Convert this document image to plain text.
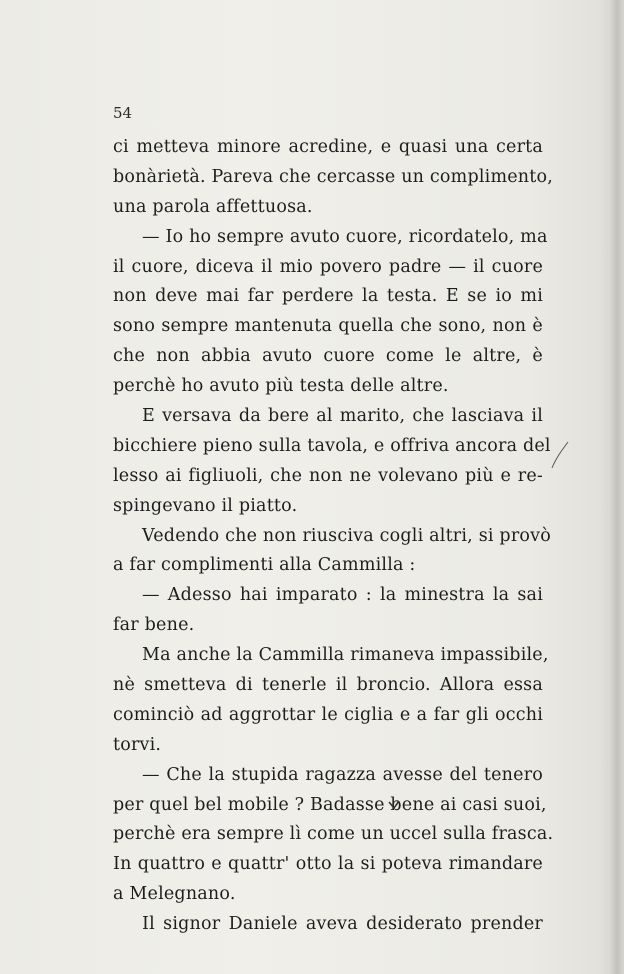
54
ci metteva minore acredine, e quasi una certa
bonàrietà. Pareva che cercasse un complimento,
una parola affettuosa.
— Io ho sempre avuto cuore, ricordatelo, ma
il cuore, diceva il mio povero padre — il cuore
non deve mai far perdere la testa. E se io mi
sono sempre mantenuta quella che sono, non è
che non abbia avuto cuore come le altre, è
perchè ho avuto più testa delle altre.
E versava da bere al marito, che lasciava il
bicchiere pieno sulla tavola, e offriva ancora del
lesso ai figliuoli, che non ne volevano più e re-
spingevano il piatto.
Vedendo che non riusciva cogli altri, si provò
a far complimenti alla Cammilla :
— Adesso hai imparato : la minestra la sai
far bene.
Ma anche la Cammilla rimaneva impassibile,
nè smetteva di tenerle il broncio. Allora essa
cominciò ad aggrottar le ciglia e a far gli occhi
torvi.
— Che la stupida ragazza avesse del tenero
per quel bel mobile ? Badasse bene ai casi suoi,
perchè era sempre lì come un uccel sulla frasca.
In quattro e quattr' otto la si poteva rimandare
a Melegnano.
Il signor Daniele aveva desiderato prender
